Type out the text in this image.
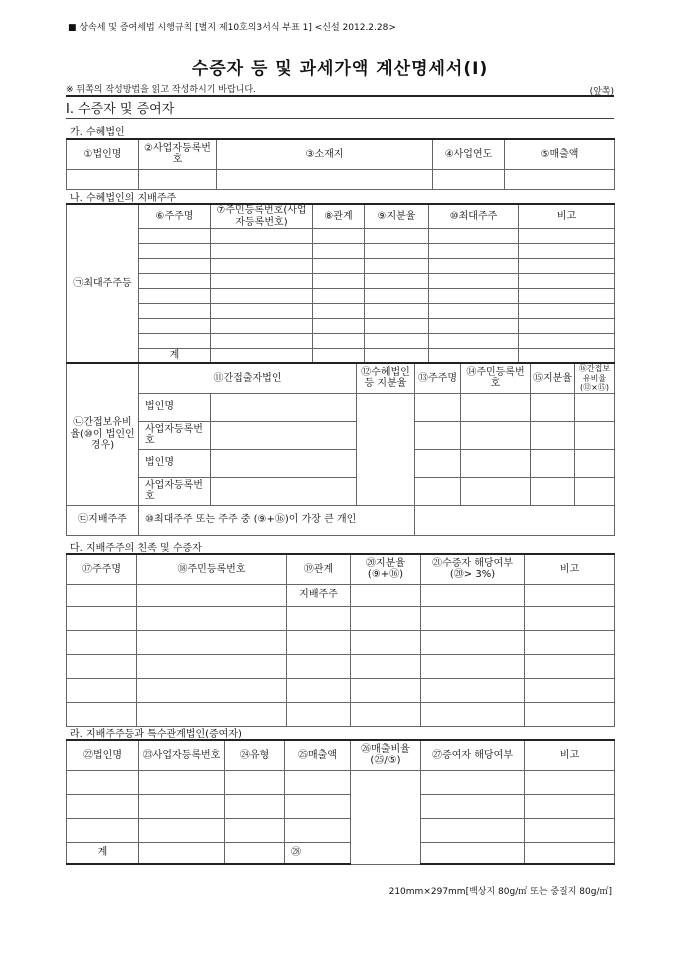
■ 상속세 및 증여세법 시행규칙 [별지 제10호의3서식 부표 1] <신설 2012.2.28>
수증자 등 및 과세가액 계산명세서(Ⅰ)
※ 뒤쪽의 작성방법을 읽고 작성하시기 바랍니다.	(앞쪽)
Ⅰ. 수증자 및 증여자
가. 수혜법인
①법인명	②사업자등록번호	③소재지	④사업연도	⑤매출액

나. 수혜법인의 지배주주
㉠최대주주등	⑥주주명	⑦주민등록번호(사업자등록번호)	⑧관계	⑨지분율	⑩최대주주	비고

	계					
㉡간접보유비율(⑩이 법인인 경우)	⑪간접출자법인		⑫수혜법인등 지분율	⑬주주명	⑭주민등록번호	⑮지분율	⑯간접보유비율(⑫×⑮)
	법인명						
	사업자등록번호						
	법인명						
	사업자등록번호						
㉢지배주주	⑩최대주주 또는 주주 중 (⑨+⑯)이 가장 큰 개인						
다. 지배주주의 친족 및 수증자
⑰주주명	⑱주민등록번호	⑲관계	⑳지분율(⑨+⑯)	㉑수증자 해당여부(⑳> 3%)	비고
		지배주주			

라. 지배주주등과 특수관계법인(증여자)
㉒법인명	㉓사업자등록번호	㉔유형	㉕매출액	㉖매출비율(㉕/⑤)	㉗증여자 해당여부	비고

계			㉘			
210mm×297mm[백상지 80g/㎡ 또는 중질지 80g/㎡]
